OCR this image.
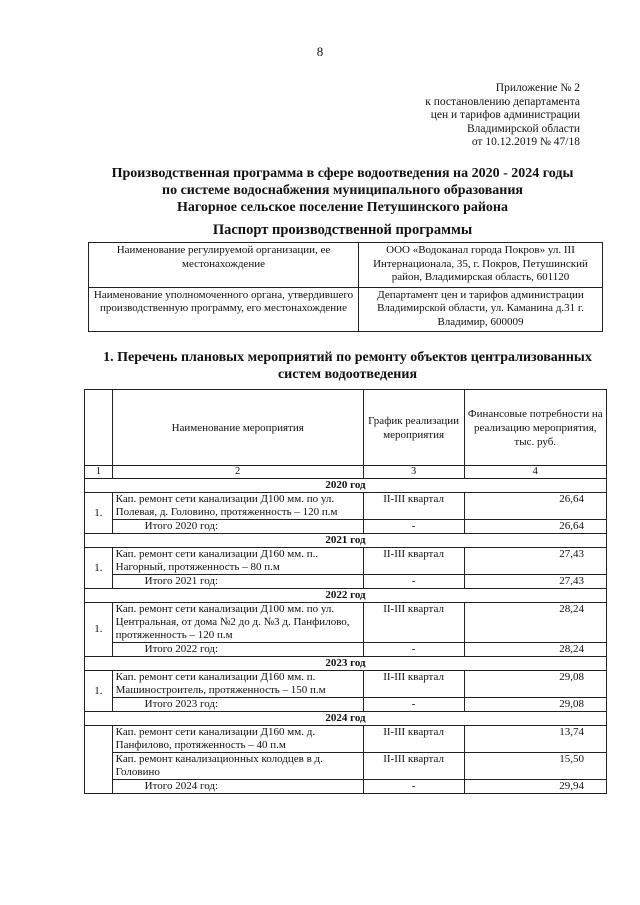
8
Приложение № 2
к постановлению департамента
цен и тарифов администрации
Владимирской области
от 10.12.2019 № 47/18
Производственная программа в сфере водоотведения на 2020 - 2024 годы
по системе водоснабжения муниципального образования
Нагорное сельское поселение Петушинского района
Паспорт производственной программы
Наименование регулируемой организации, ее местонахождение	ООО «Водоканал города Покров» ул. III Интернационала, 35, г. Покров, Петушинский район, Владимирская область, 601120
Наименование уполномоченного органа, утвердившего производственную программу, его местонахождение	Департамент цен и тарифов администрации Владимирской области, ул. Каманина д.31 г. Владимир, 600009
1. Перечень плановых мероприятий по ремонту объектов централизованных
систем водоотведения
	Наименование мероприятия	График реализации мероприятия	Финансовые потребности на реализацию мероприятия, тыс. руб.
1	2	3	4
2020 год			
1.	Кап. ремонт сети канализации Д100 мм. по ул. Полевая, д. Головино, протяженность – 120 п.м	II-III квартал	26,64
	Итого 2020 год:	-	26,64
2021 год			
1.	Кап. ремонт сети канализации Д160 мм. п.. Нагорный, протяженность – 80 п.м	II-III квартал	27,43
	Итого 2021 год:	-	27,43
2022 год			
1.	Кап. ремонт сети канализации Д100 мм. по ул. Центральная, от дома №2 до д. №3 д. Панфилово, протяженность – 120 п.м	II-III квартал	28,24
	Итого 2022 год:	-	28,24
2023 год			
1.	Кап. ремонт сети канализации Д160 мм. п. Машиностроитель, протяженность – 150 п.м	II-III квартал	29,08
	Итого 2023 год:	-	29,08
2024 год			
	Кап. ремонт сети канализации Д160 мм. д. Панфилово, протяженность – 40 п.м	II-III квартал	13,74
	Кап. ремонт канализационных колодцев в д. Головино	II-III квартал	15,50
	Итого 2024 год:	-	29,94
